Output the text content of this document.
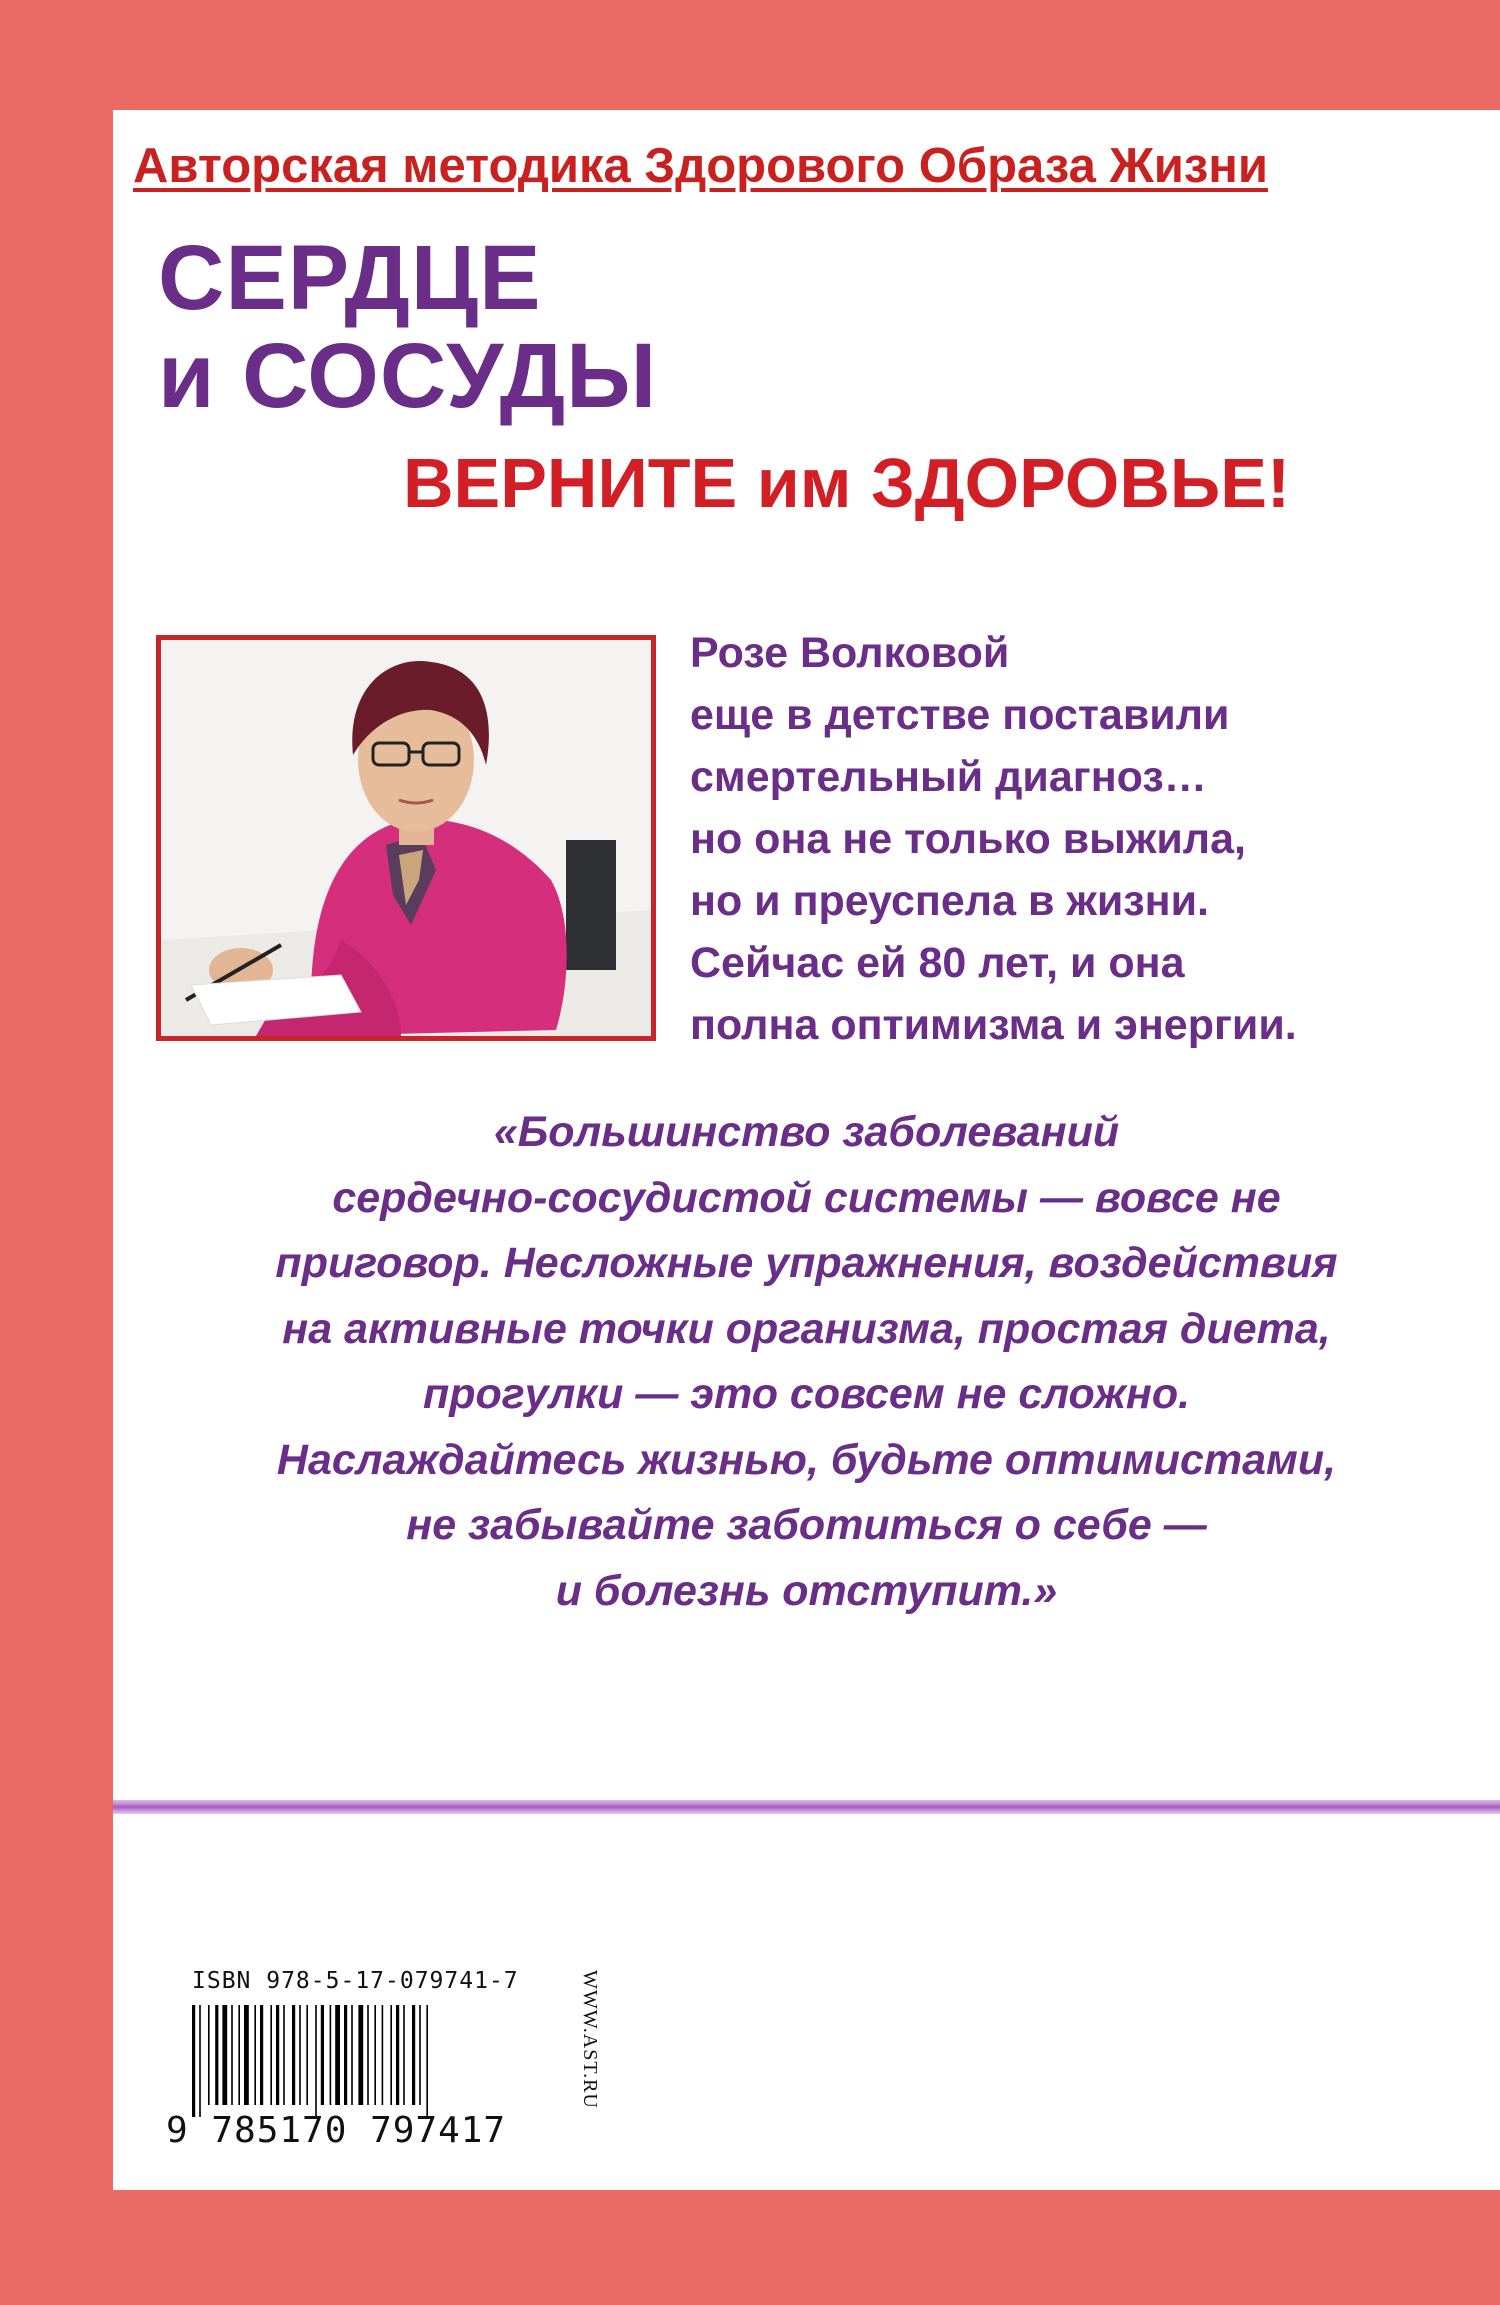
Авторская методика Здорового Образа Жизни
СЕРДЦЕ
и СОСУДЫ
ВЕРНИТЕ им ЗДОРОВЬЕ!
Розе Волковой
еще в детстве поставили
смертельный диагноз…
но она не только выжила,
но и преуспела в жизни.
Сейчас ей 80 лет, и она
полна оптимизма и энергии.
«Большинство заболеваний
сердечно-сосудистой системы — вовсе не
приговор. Несложные упражнения, воздействия
на активные точки организма, простая диета,
прогулки — это совсем не сложно.
Наслаждайтесь жизнью, будьте оптимистами,
не забывайте заботиться о себе —
и болезнь отступит.»
ISBN 978-5-17-079741-7
9 785170 797417
WWW.AST.RU
